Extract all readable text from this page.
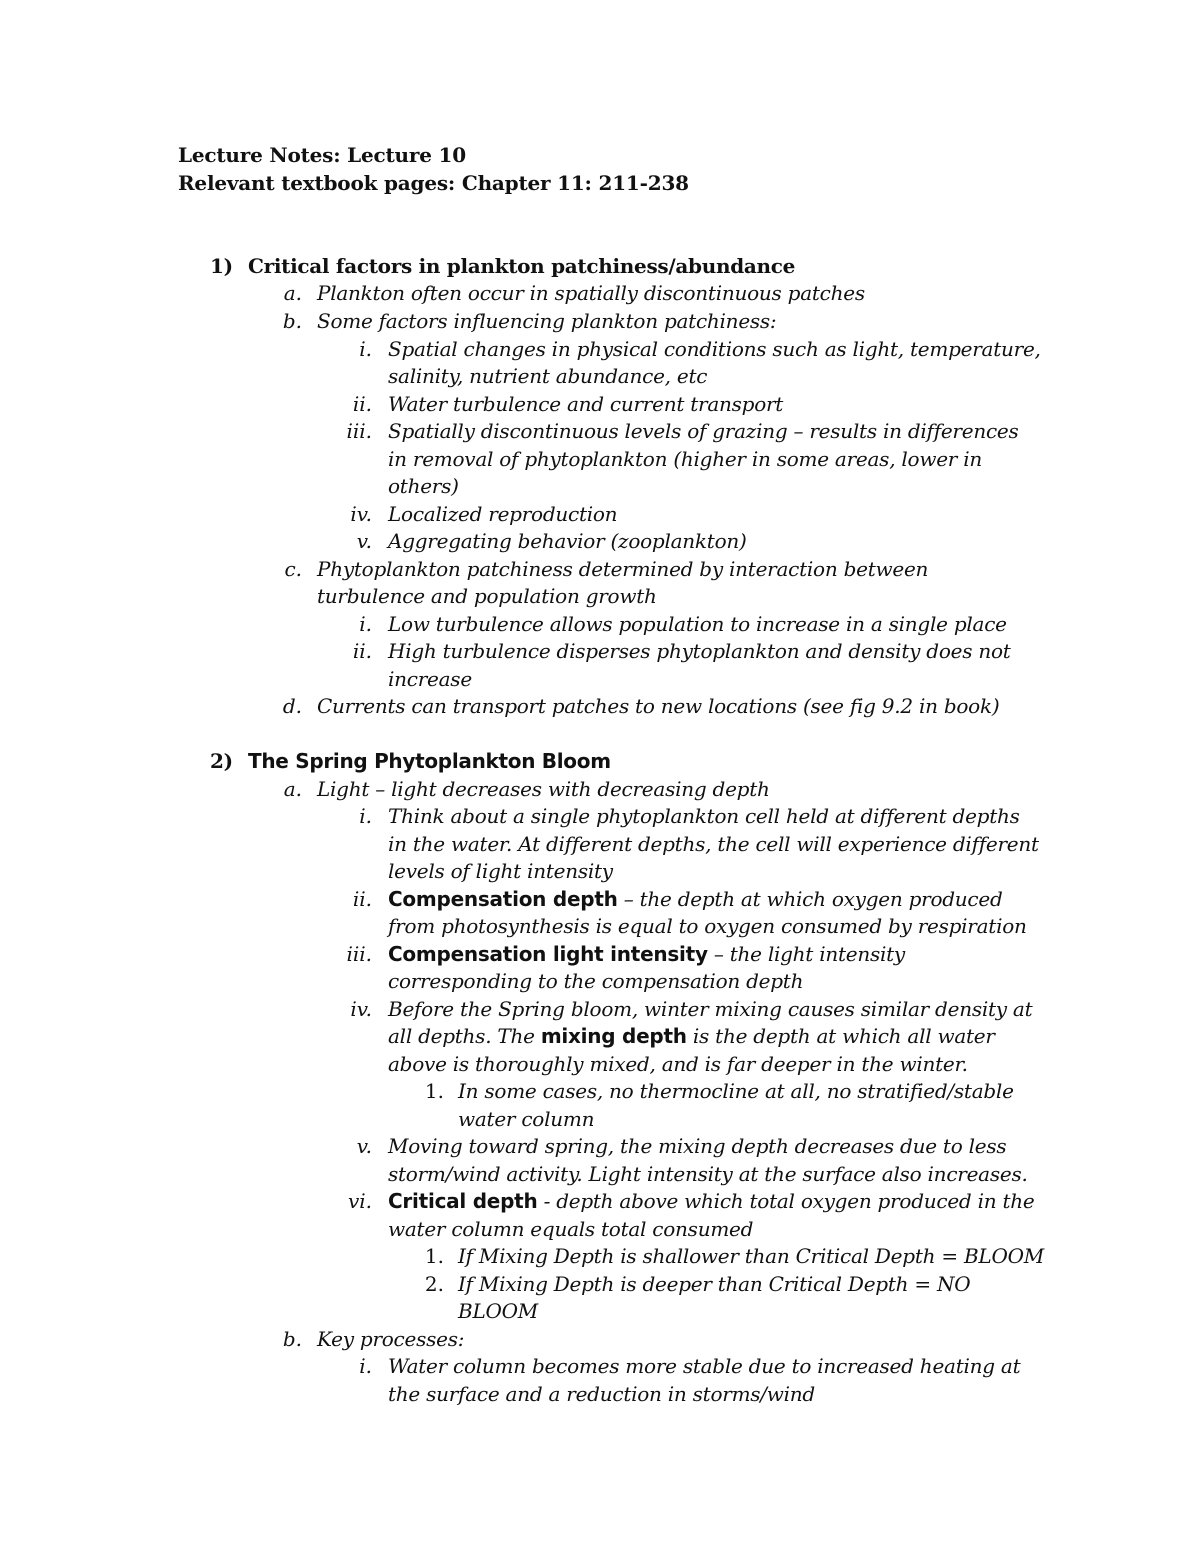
Lecture Notes: Lecture 10
Relevant textbook pages: Chapter 11: 211-238
1) Critical factors in plankton patchiness/abundance
a. Plankton often occur in spatially discontinuous patches
b. Some factors influencing plankton patchiness:
i. Spatial changes in physical conditions such as light, temperature,
salinity, nutrient abundance, etc
ii. Water turbulence and current transport
iii. Spatially discontinuous levels of grazing – results in differences
in removal of phytoplankton (higher in some areas, lower in
others)
iv. Localized reproduction
v. Aggregating behavior (zooplankton)
c. Phytoplankton patchiness determined by interaction between
turbulence and population growth
i. Low turbulence allows population to increase in a single place
ii. High turbulence disperses phytoplankton and density does not
increase
d. Currents can transport patches to new locations (see fig 9.2 in book)
2) The Spring Phytoplankton Bloom
a. Light – light decreases with decreasing depth
i. Think about a single phytoplankton cell held at different depths
in the water. At different depths, the cell will experience different
levels of light intensity
ii. Compensation depth – the depth at which oxygen produced
from photosynthesis is equal to oxygen consumed by respiration
iii. Compensation light intensity – the light intensity
corresponding to the compensation depth
iv. Before the Spring bloom, winter mixing causes similar density at
all depths. The mixing depth is the depth at which all water
above is thoroughly mixed, and is far deeper in the winter.
1. In some cases, no thermocline at all, no stratified/stable
water column
v. Moving toward spring, the mixing depth decreases due to less
storm/wind activity. Light intensity at the surface also increases.
vi. Critical depth - depth above which total oxygen produced in the
water column equals total consumed
1. If Mixing Depth is shallower than Critical Depth = BLOOM
2. If Mixing Depth is deeper than Critical Depth = NO
BLOOM
b. Key processes:
i. Water column becomes more stable due to increased heating at
the surface and a reduction in storms/wind
